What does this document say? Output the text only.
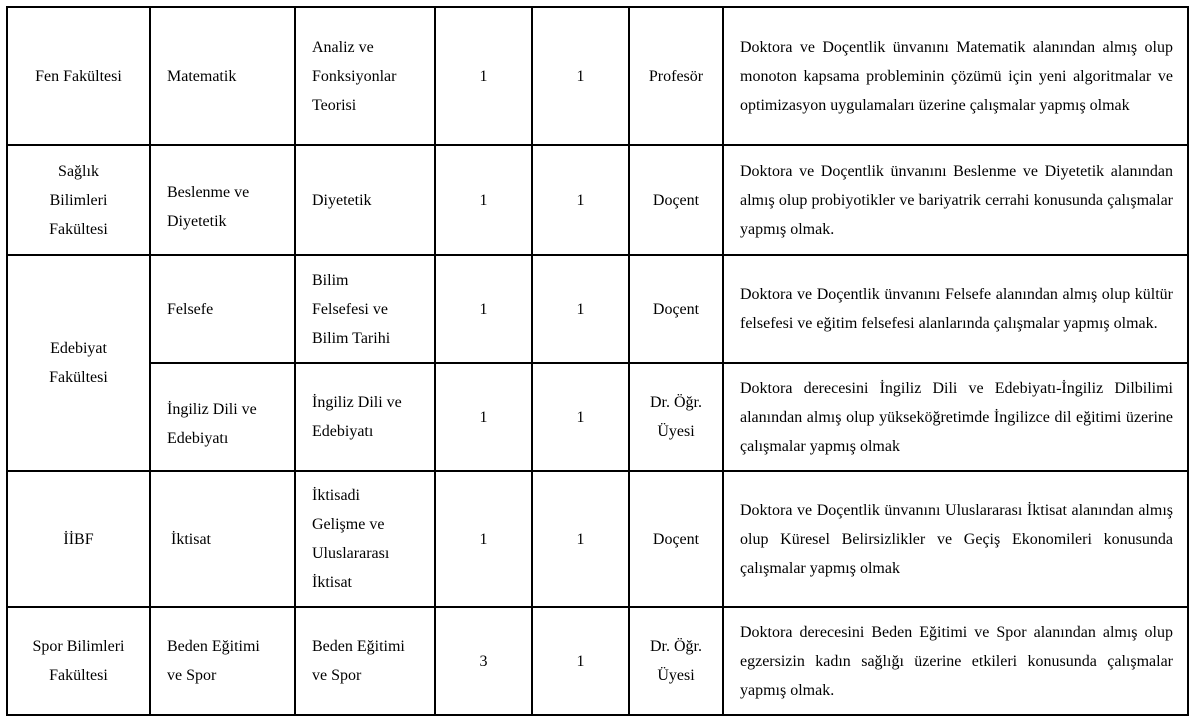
Fen Fakültesi	Matematik	Analiz ve Fonksiyonlar Teorisi	1	1	Profesör	Doktora ve Doçentlik ünvanını Matematik alanından almış olup monoton kapsama probleminin çözümü için yeni algoritmalar ve optimizasyon uygulamaları üzerine çalışmalar yapmış olmak
Sağlık Bilimleri Fakültesi	Beslenme ve Diyetetik	Diyetetik	1	1	Doçent	Doktora ve Doçentlik ünvanını Beslenme ve Diyetetik alanından almış olup probiyotikler ve bariyatrik cerrahi konusunda çalışmalar yapmış olmak.
Edebiyat Fakültesi	Felsefe	Bilim Felsefesi ve Bilim Tarihi	1	1	Doçent	Doktora ve Doçentlik ünvanını Felsefe alanından almış olup kültür felsefesi ve eğitim felsefesi alanlarında çalışmalar yapmış olmak.
	İngiliz Dili ve Edebiyatı	İngiliz Dili ve Edebiyatı	1	1	Dr. Öğr. Üyesi	Doktora derecesini İngiliz Dili ve Edebiyatı-İngiliz Dilbilimi alanından almış olup yükseköğretimde İngilizce dil eğitimi üzerine çalışmalar yapmış olmak
İİBF	İktisat	İktisadi Gelişme ve Uluslararası İktisat	1	1	Doçent	Doktora ve Doçentlik ünvanını Uluslararası İktisat alanından almış olup Küresel Belirsizlikler ve Geçiş Ekonomileri konusunda çalışmalar yapmış olmak
Spor Bilimleri Fakültesi	Beden Eğitimi ve Spor	Beden Eğitimi ve Spor	3	1	Dr. Öğr. Üyesi	Doktora derecesini Beden Eğitimi ve Spor alanından almış olup egzersizin kadın sağlığı üzerine etkileri konusunda çalışmalar yapmış olmak.
